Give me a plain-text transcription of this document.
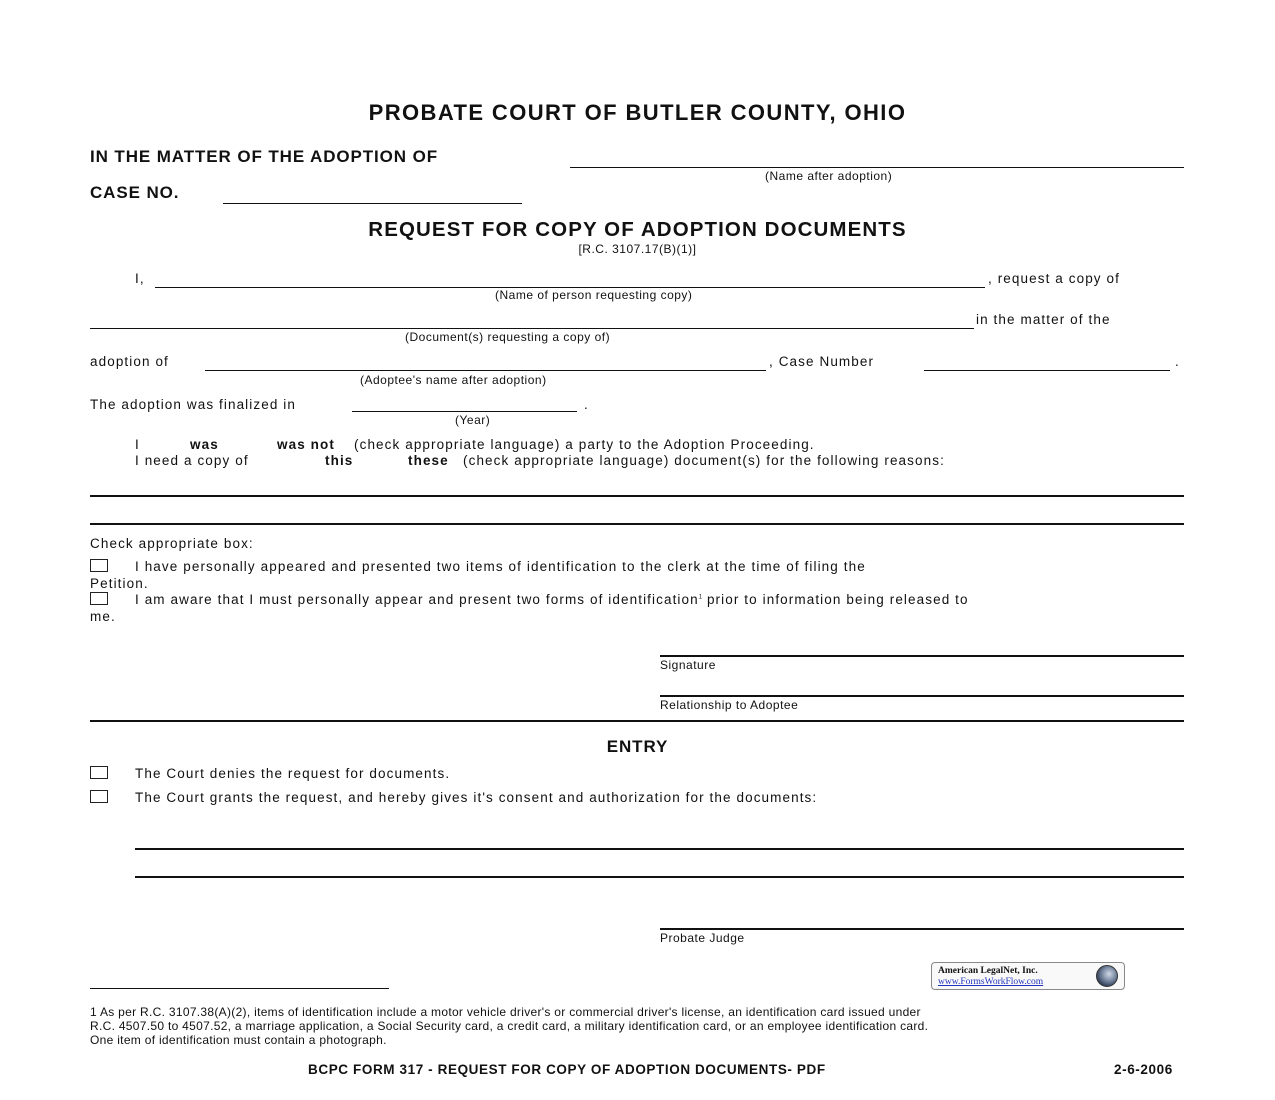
PROBATE COURT OF BUTLER COUNTY, OHIO
IN THE MATTER OF THE ADOPTION OF
(Name after adoption)
CASE NO.
REQUEST FOR COPY OF ADOPTION DOCUMENTS
[R.C. 3107.17(B)(1)]
I,	, request a copy of
(Name of person requesting copy)
in the matter of the
(Document(s) requesting a copy of)
adoption of	, Case Number	.
(Adoptee's name after adoption)
The adoption was finalized in	.
(Year)
I	was	was not (check appropriate language) a party to the Adoption Proceeding.
I need a copy of	this	these (check appropriate language) document(s) for the following reasons:
Check appropriate box:
I have personally appeared and presented two items of identification to the clerk at the time of filing the
Petition.
I am aware that I must personally appear and present two forms of identification$^1$ prior to information being released to
me.
Signature
Relationship to Adoptee
ENTRY
The Court denies the request for documents.
The Court grants the request, and hereby gives it's consent and authorization for the documents:
Probate Judge
American LegalNet, Inc.
www.FormsWorkFlow.com
1 As per R.C. 3107.38(A)(2), items of identification include a motor vehicle driver's or commercial driver's license, an identification card issued under
R.C. 4507.50 to 4507.52, a marriage application, a Social Security card, a credit card, a military identification card, or an employee identification card.
One item of identification must contain a photograph.
BCPC FORM 317 - REQUEST FOR COPY OF ADOPTION DOCUMENTS- PDF	2-6-2006
